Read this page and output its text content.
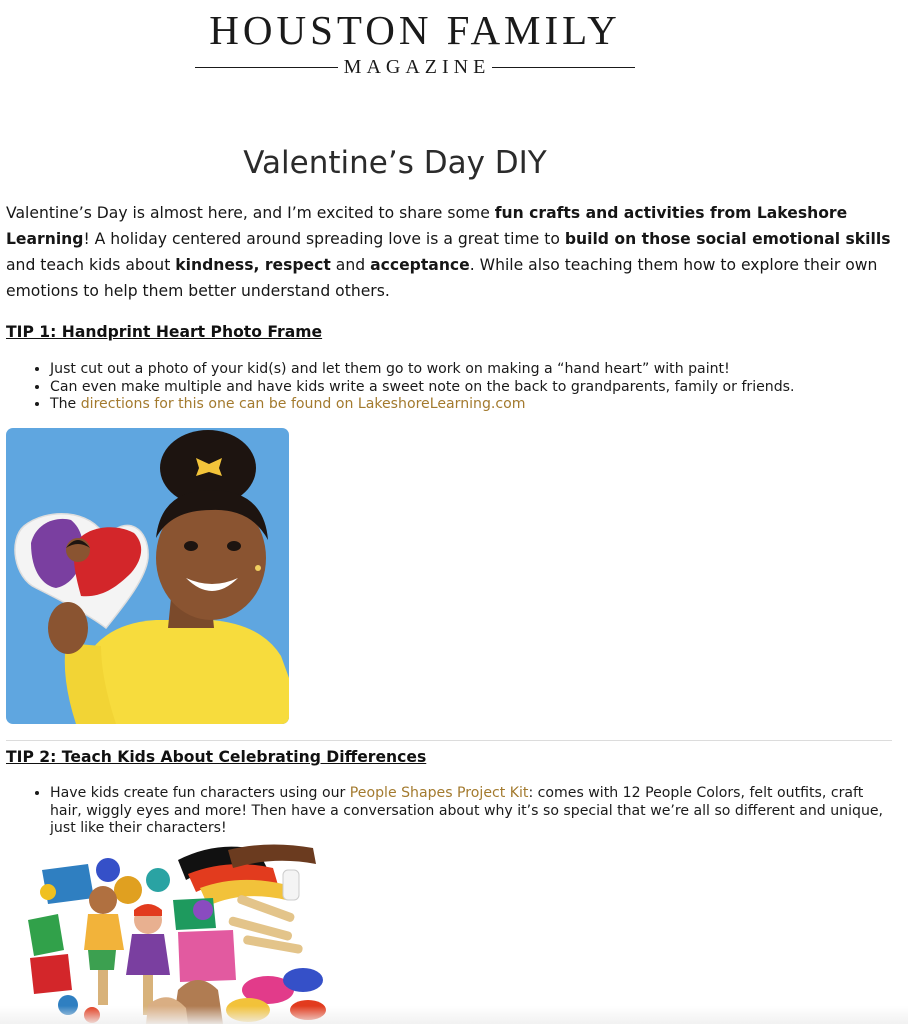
HOUSTON FAMILY
MAGAZINE
Valentine’s Day DIY

Valentine’s Day is almost here, and I’m excited to share some fun crafts and activities from Lakeshore Learning! A holiday centered around spreading love is a great time to build on those social emotional skills and teach kids about kindness, respect and acceptance. While also teaching them how to explore their own emotions to help them better understand others.

TIP 1: Handprint Heart Photo Frame
• Just cut out a photo of your kid(s) and let them go to work on making a “hand heart” with paint!
• Can even make multiple and have kids write a sweet note on the back to grandparents, family or friends.
• The directions for this one can be found on LakeshoreLearning.com
TIP 2: Teach Kids About Celebrating Differences
• Have kids create fun characters using our People Shapes Project Kit: comes with 12 People Colors, felt outfits, craft hair, wiggly eyes and more! Then have a conversation about why it’s so special that we’re all so different and unique, just like their characters!
